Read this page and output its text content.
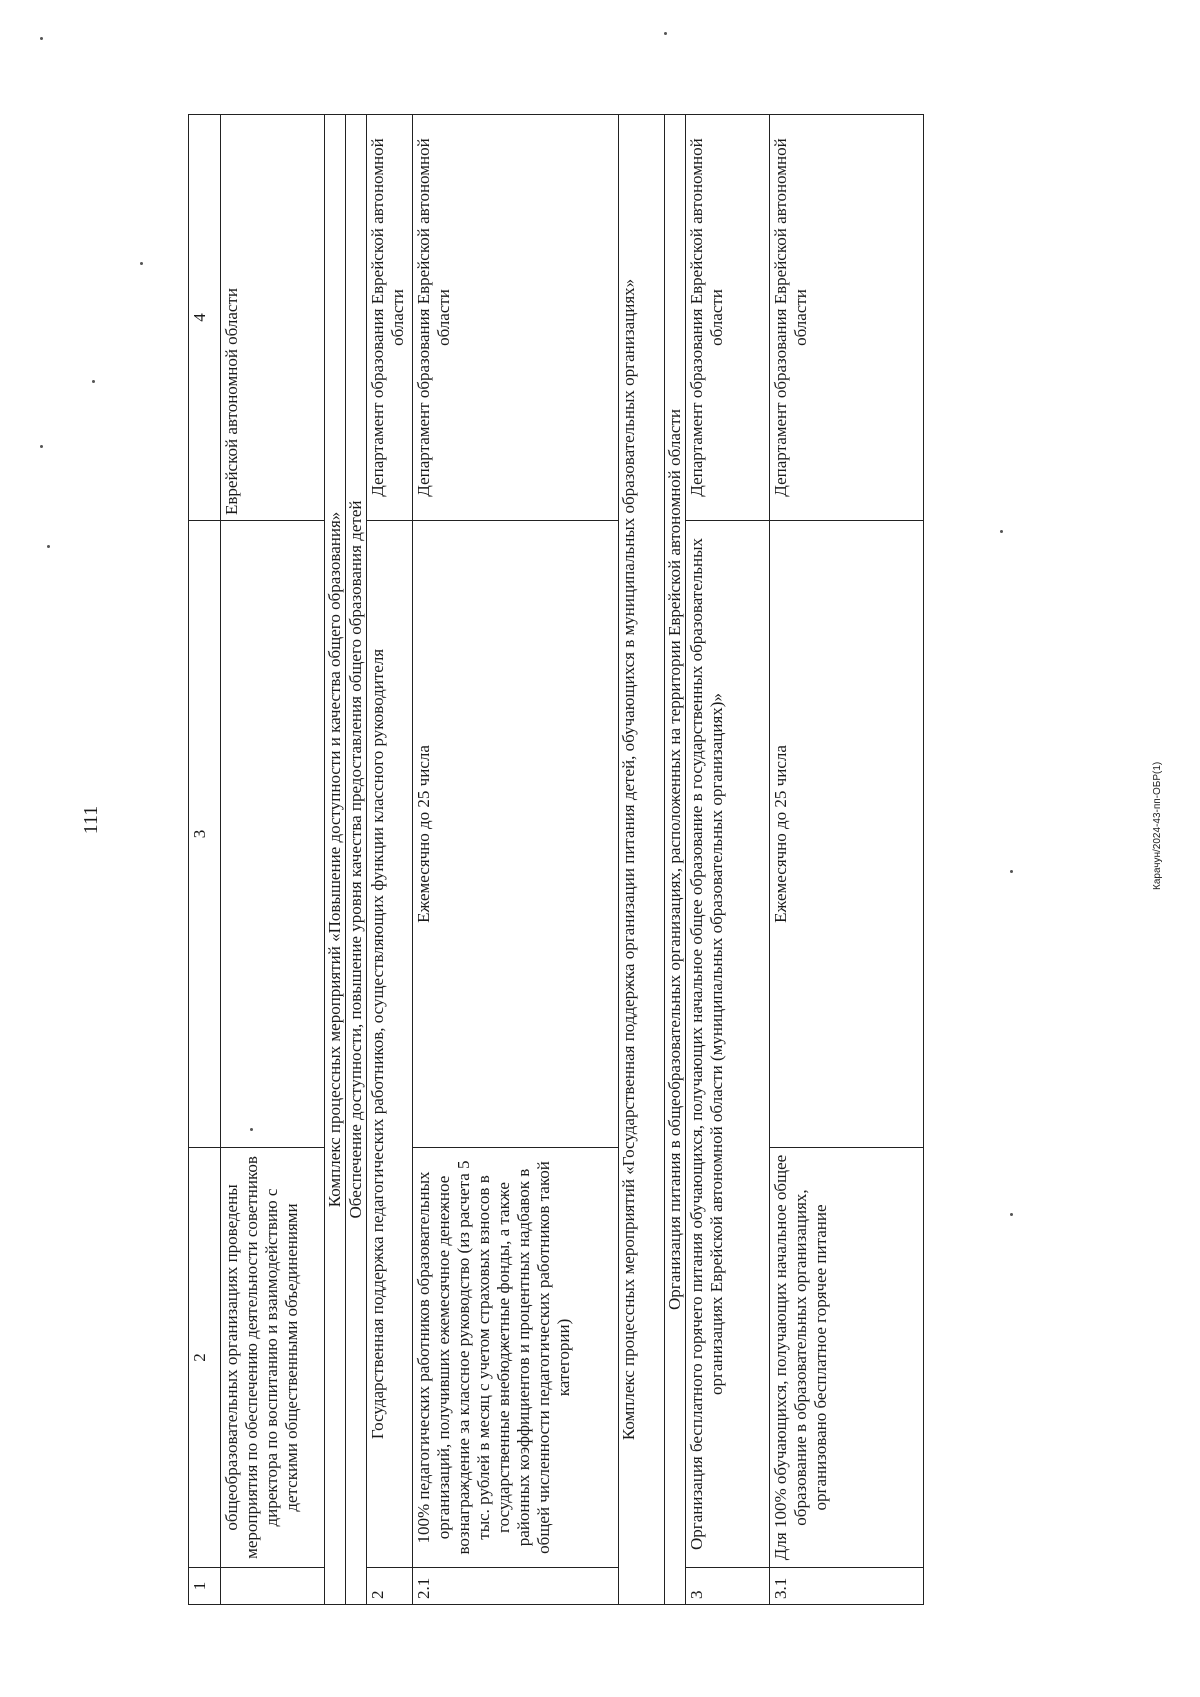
111	Карачун/2024-43-пп-ОБР(1)
1	2	3	4
	общеобразовательных организациях проведены мероприятия по обеспечению деятельности советников директора по воспитанию и взаимодействию с детскими общественными объединениями		Еврейской автономной области
Комплекс процессных мероприятий «Повышение доступности и качества общего образования»			
Обеспечение доступности, повышение уровня качества предоставления общего образования детей			
2	Государственная поддержка педагогических работников, осуществляющих функции классного руководителя		Департамент образования Еврейской автономной области
2.1	100% педагогических работников образовательных организаций, получивших ежемесячное денежное вознаграждение за классное руководство (из расчета 5 тыс. рублей в месяц с учетом страховых взносов в государственные внебюджетные фонды, а также районных коэффициентов и процентных надбавок в общей численности педагогических работников такой категории)	Ежемесячно до 25 числа	Департамент образования Еврейской автономной области
Комплекс процессных мероприятий «Государственная поддержка организации питания детей, обучающихся в муниципальных образовательных организациях»			
Организация питания в общеобразовательных организациях, расположенных на территории Еврейской автономной области			
3	Организация бесплатного горячего питания обучающихся, получающих начальное общее образование в государственных образовательных организациях Еврейской автономной области (муниципальных образовательных организациях)»		Департамент образования Еврейской автономной области
3.1	Для 100% обучающихся, получающих начальное общее образование в образовательных организациях, организовано бесплатное горячее питание	Ежемесячно до 25 числа	Департамент образования Еврейской автономной области
